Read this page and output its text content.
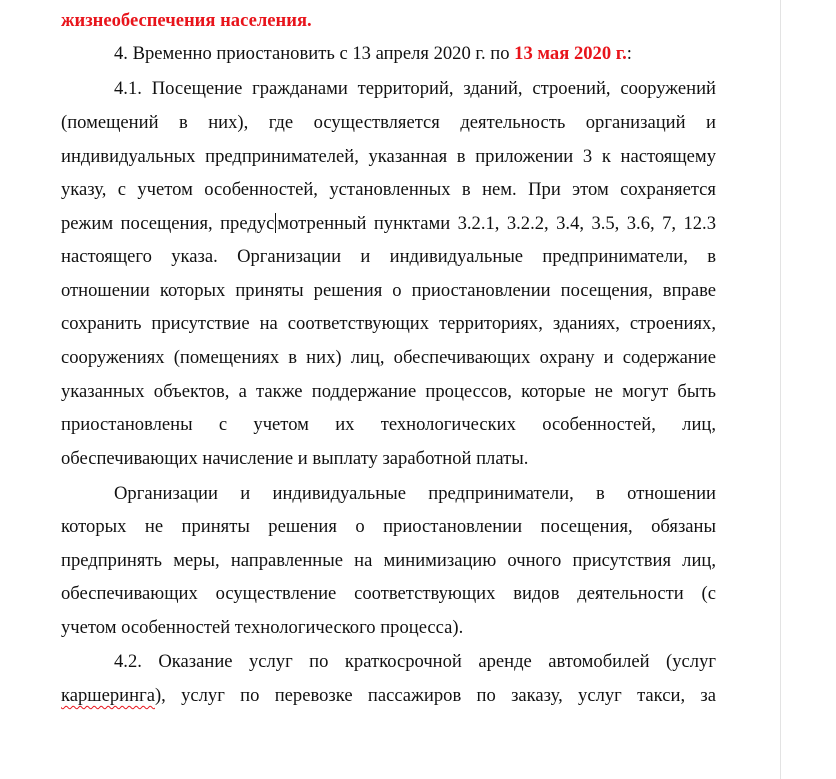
жизнеобеспечения населения.
4. Временно приостановить с 13 апреля 2020 г. по 13 мая 2020 г.:
4.1. Посещение гражданами территорий, зданий, строений, сооружений
(помещений в них), где осуществляется деятельность организаций и
индивидуальных предпринимателей, указанная в приложении 3 к настоящему
указу, с учетом особенностей, установленных в нем. При этом сохраняется
режим посещения, предус мотренный пунктами 3.2.1, 3.2.2, 3.4, 3.5, 3.6, 7, 12.3
настоящего указа. Организации и индивидуальные предприниматели, в
отношении которых приняты решения о приостановлении посещения, вправе
сохранить присутствие на соответствующих территориях, зданиях, строениях,
сооружениях (помещениях в них) лиц, обеспечивающих охрану и содержание
указанных объектов, а также поддержание процессов, которые не могут быть
приостановлены с учетом их технологических особенностей, лиц,
обеспечивающих начисление и выплату заработной платы.
Организации и индивидуальные предприниматели, в отношении
которых не приняты решения о приостановлении посещения, обязаны
предпринять меры, направленные на минимизацию очного присутствия лиц,
обеспечивающих осуществление соответствующих видов деятельности (с
учетом особенностей технологического процесса).
4.2. Оказание услуг по краткосрочной аренде автомобилей (услуг
каршеринга), услуг по перевозке пассажиров по заказу, услуг такси, за
